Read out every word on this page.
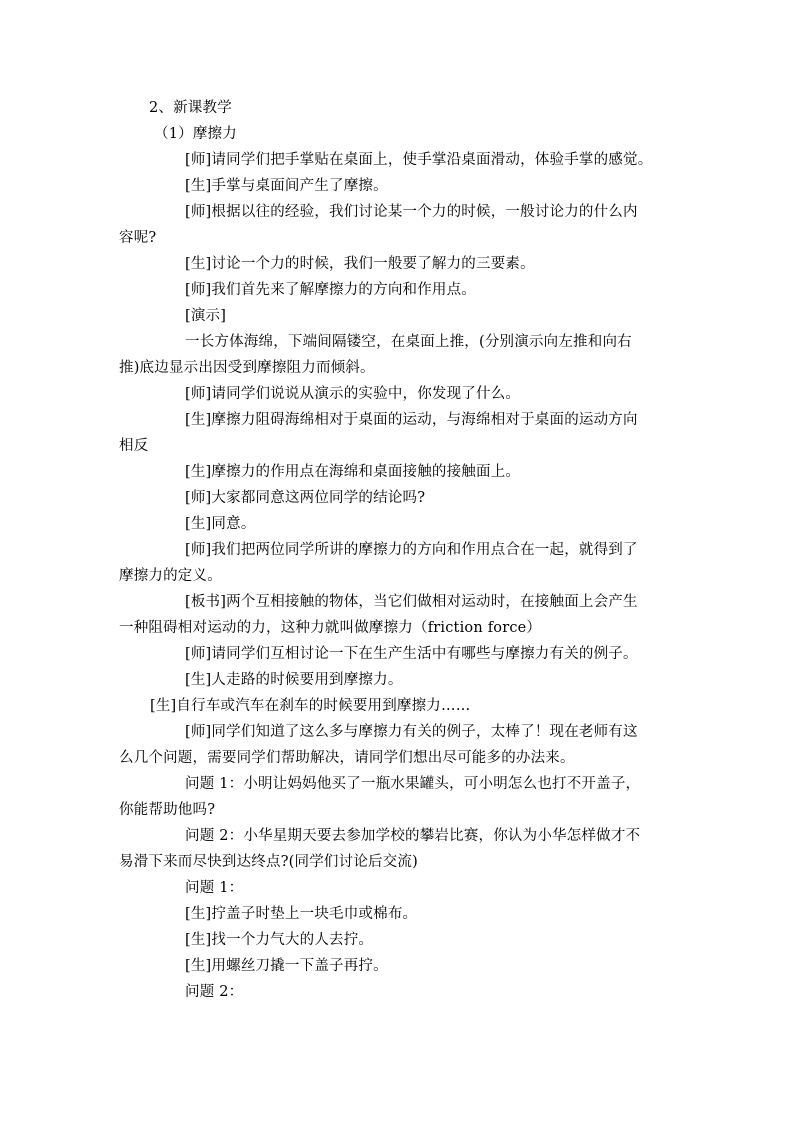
2、新课教学
（1）摩擦力
[师]请同学们把手掌贴在桌面上，使手掌沿桌面滑动，体验手掌的感觉。
[生]手掌与桌面间产生了摩擦。
[师]根据以往的经验，我们讨论某一个力的时候，一般讨论力的什么内
容呢?
[生]讨论一个力的时候，我们一般要了解力的三要素。
[师]我们首先来了解摩擦力的方向和作用点。
[演示]
一长方体海绵，下端间隔镂空，在桌面上推，(分别演示向左推和向右
推)底边显示出因受到摩擦阻力而倾斜。
[师]请同学们说说从演示的实验中，你发现了什么。
[生]摩擦力阻碍海绵相对于桌面的运动，与海绵相对于桌面的运动方向
相反
[生]摩擦力的作用点在海绵和桌面接触的接触面上。
[师]大家都同意这两位同学的结论吗?
[生]同意。
[师]我们把两位同学所讲的摩擦力的方向和作用点合在一起，就得到了
摩擦力的定义。
[板书]两个互相接触的物体，当它们做相对运动时，在接触面上会产生
一种阻碍相对运动的力，这种力就叫做摩擦力（friction force）
[师]请同学们互相讨论一下在生产生活中有哪些与摩擦力有关的例子。
[生]人走路的时候要用到摩擦力。
[生]自行车或汽车在刹车的时候要用到摩擦力……
[师]同学们知道了这么多与摩擦力有关的例子，太棒了！现在老师有这
么几个问题，需要同学们帮助解决，请同学们想出尽可能多的办法来。
问题 1：小明让妈妈他买了一瓶水果罐头，可小明怎么也打不开盖子，
你能帮助他吗?
问题 2：小华星期天要去参加学校的攀岩比赛，你认为小华怎样做才不
易滑下来而尽快到达终点?(同学们讨论后交流)
问题 1：
[生]拧盖子时垫上一块毛巾或棉布。
[生]找一个力气大的人去拧。
[生]用螺丝刀撬一下盖子再拧。
问题 2：
